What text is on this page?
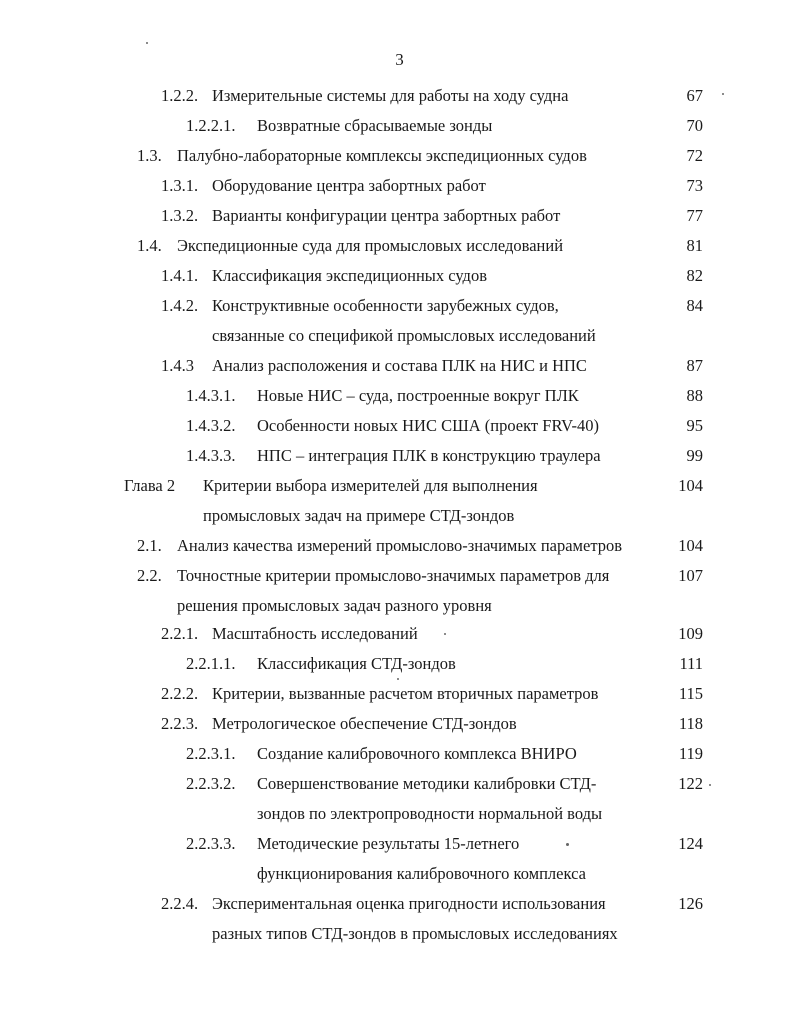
3
1.2.2. Измерительные системы для работы на ходу судна	67
1.2.2.1. Возвратные сбрасываемые зонды	70
1.3. Палубно-лабораторные комплексы экспедиционных судов	72
1.3.1. Оборудование центра забортных работ	73
1.3.2. Варианты конфигурации центра забортных работ	77
1.4. Экспедиционные суда для промысловых исследований	81
1.4.1. Классификация экспедиционных судов	82
1.4.2. Конструктивные особенности зарубежных судов,	84
связанные со спецификой промысловых исследований
1.4.3 Анализ расположения и состава ПЛК на НИС и НПС	87
1.4.3.1. Новые НИС – суда, построенные вокруг ПЛК	88
1.4.3.2. Особенности новых НИС США (проект FRV-40)	95
1.4.3.3. НПС – интеграция ПЛК в конструкцию траулера	99
Глава 2 Критерии выбора измерителей для выполнения	104
промысловых задач на примере СТД-зондов
2.1. Анализ качества измерений промыслово-значимых параметров	104
2.2. Точностные критерии промыслово-значимых параметров для	107
решения промысловых задач разного уровня
2.2.1. Масштабность исследований	109
2.2.1.1. Классификация СТД-зондов	111
2.2.2. Критерии, вызванные расчетом вторичных параметров	115
2.2.3. Метрологическое обеспечение СТД-зондов	118
2.2.3.1. Создание калибровочного комплекса ВНИРО	119
2.2.3.2. Совершенствование методики калибровки СТД-	122
зондов по электропроводности нормальной воды
2.2.3.3. Методические результаты 15-летнего	124
функционирования калибровочного комплекса
2.2.4. Экспериментальная оценка пригодности использования	126
разных типов СТД-зондов в промысловых исследованиях
